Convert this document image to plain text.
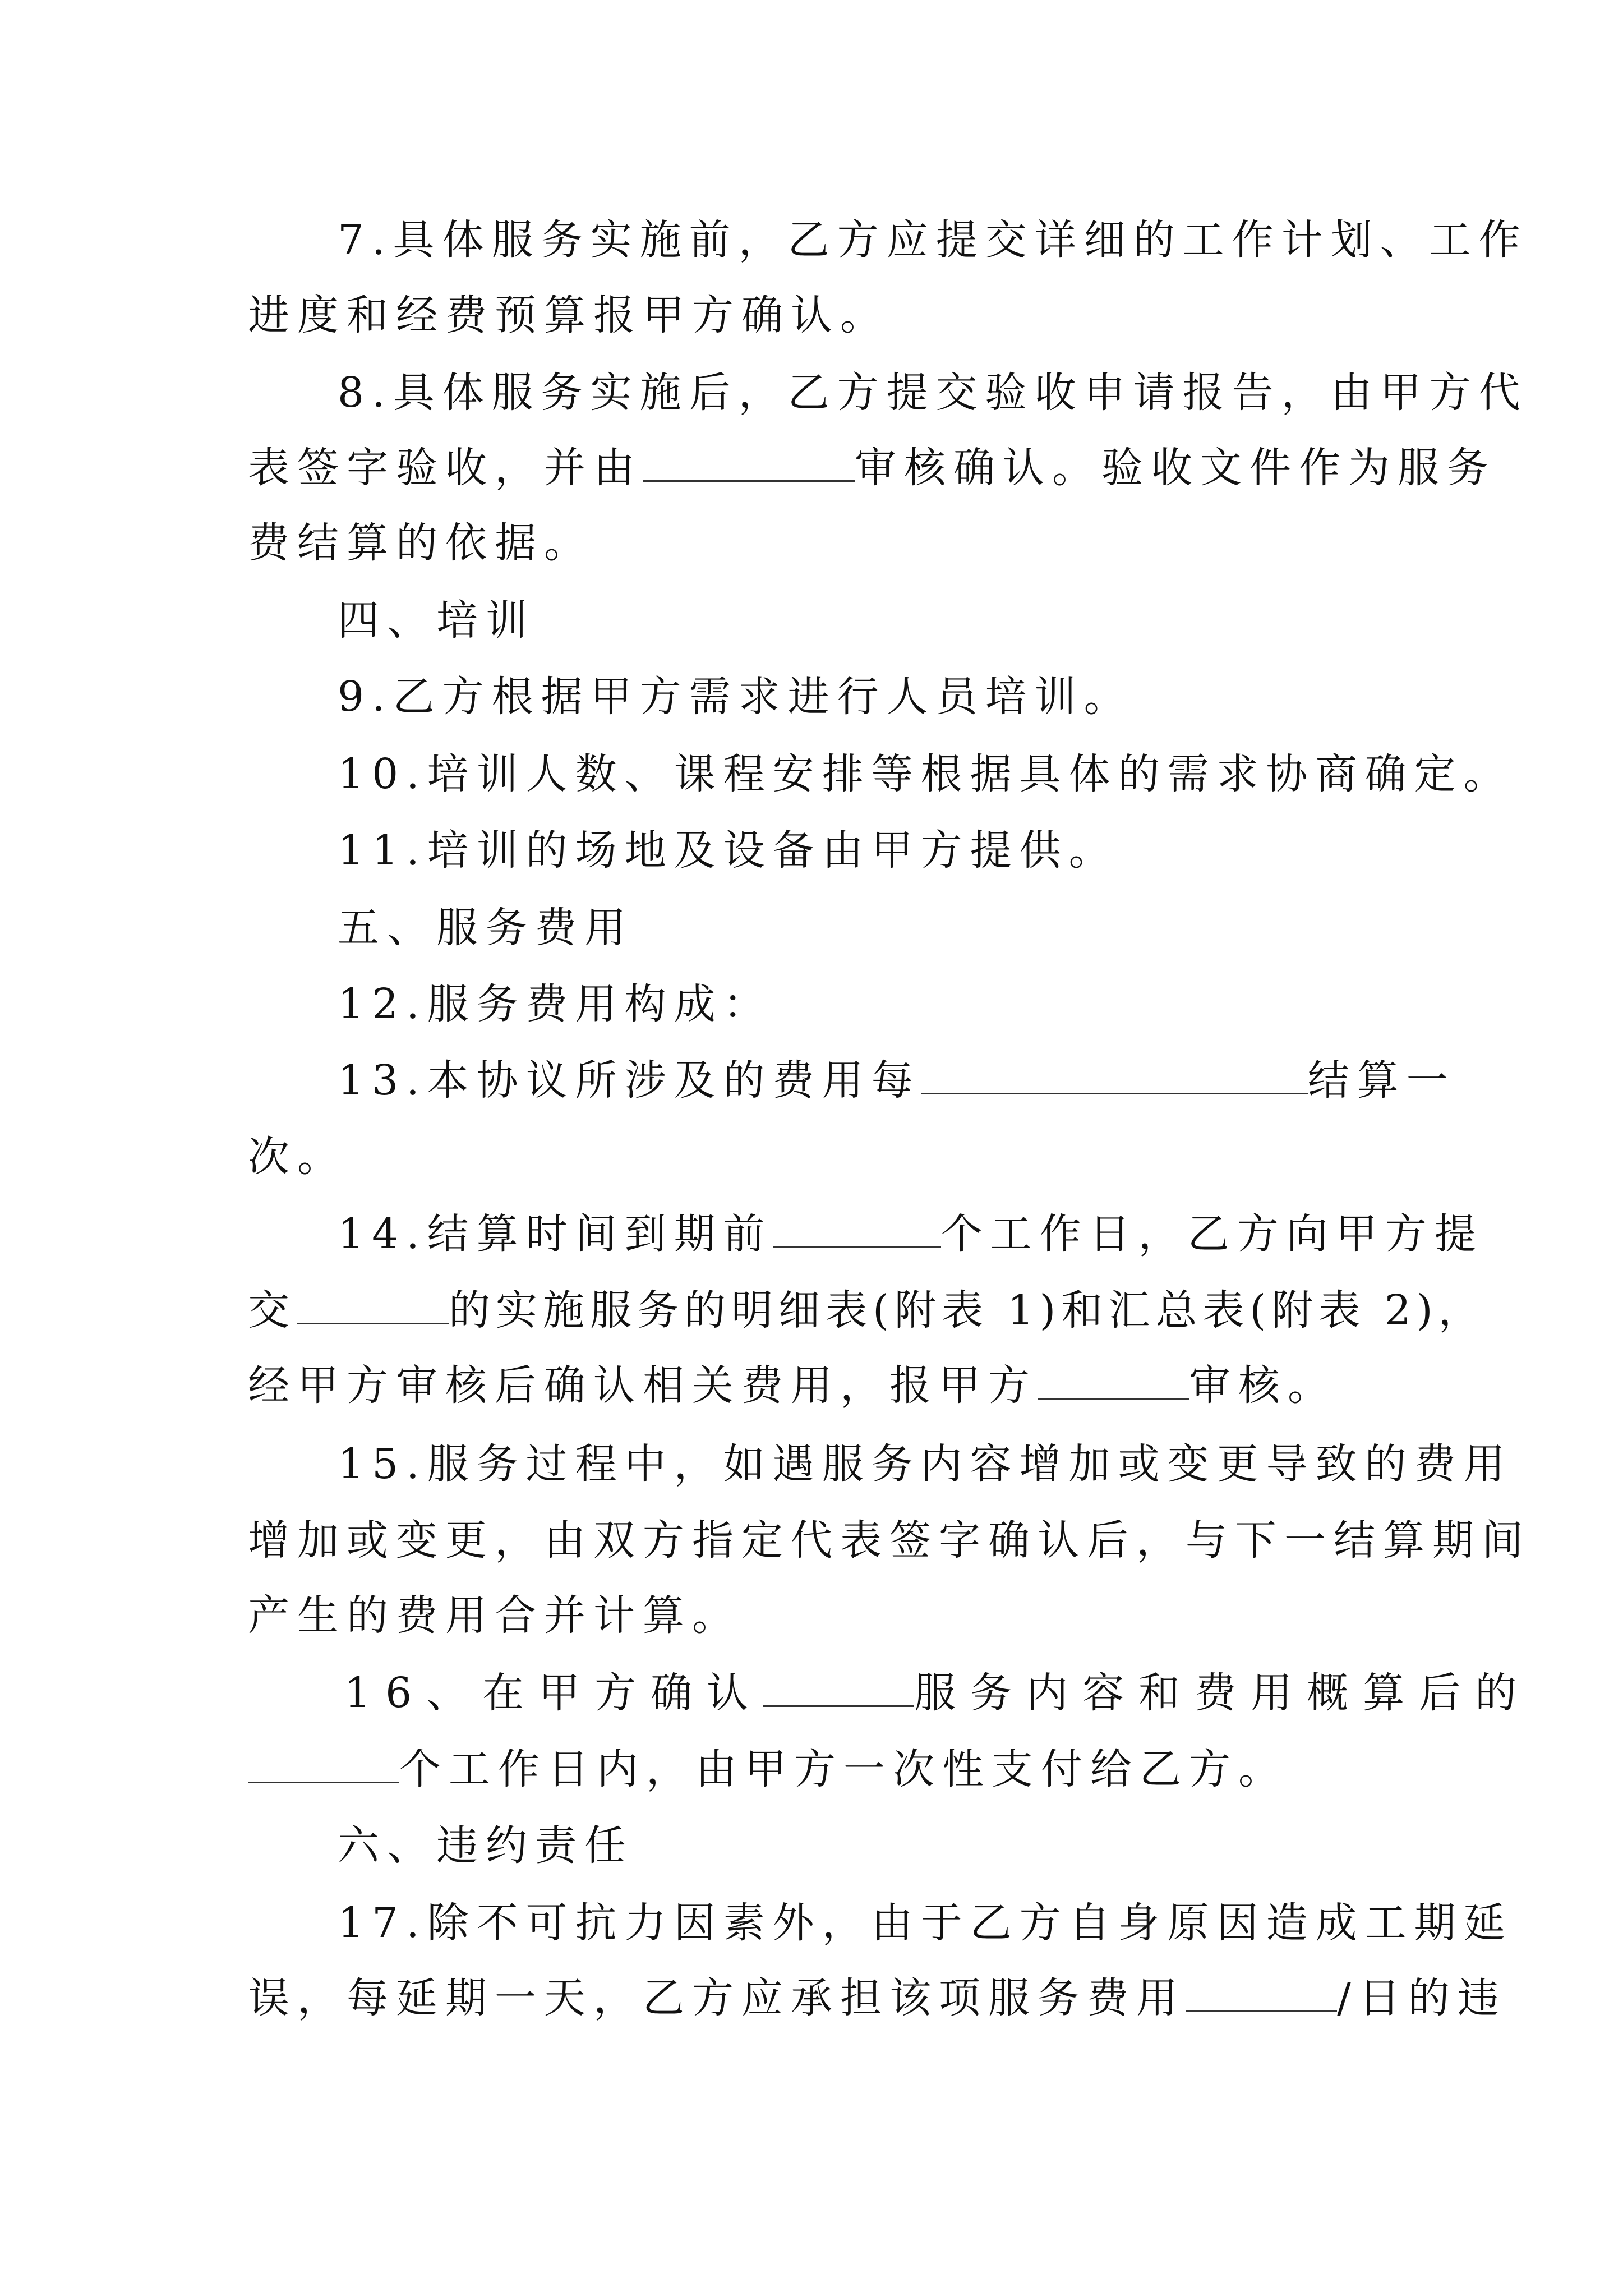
7.具体服务实施前，乙方应提交详细的工作计划、工作
进度和经费预算报甲方确认。
8.具体服务实施后，乙方提交验收申请报告，由甲方代
表签字验收，并由	审核确认。验收文件作为服务
费结算的依据。
四、培训
9.乙方根据甲方需求进行人员培训。
10.培训人数、课程安排等根据具体的需求协商确定。
11.培训的场地及设备由甲方提供。
五、服务费用
12.服务费用构成：
13.本协议所涉及的费用每	结算一
次。
14.结算时间到期前	个工作日，乙方向甲方提
交	的实施服务的明细表(附表 1)和汇总表(附表 2)，
经甲方审核后确认相关费用，报甲方	审核。
15.服务过程中，如遇服务内容增加或变更导致的费用
增加或变更，由双方指定代表签字确认后，与下一结算期间
产生的费用合并计算。
16、在甲方确认	服务内容和费用概算后的
个工作日内，由甲方一次性支付给乙方。
六、违约责任
17.除不可抗力因素外，由于乙方自身原因造成工期延
误，每延期一天，乙方应承担该项服务费用	/日的违
